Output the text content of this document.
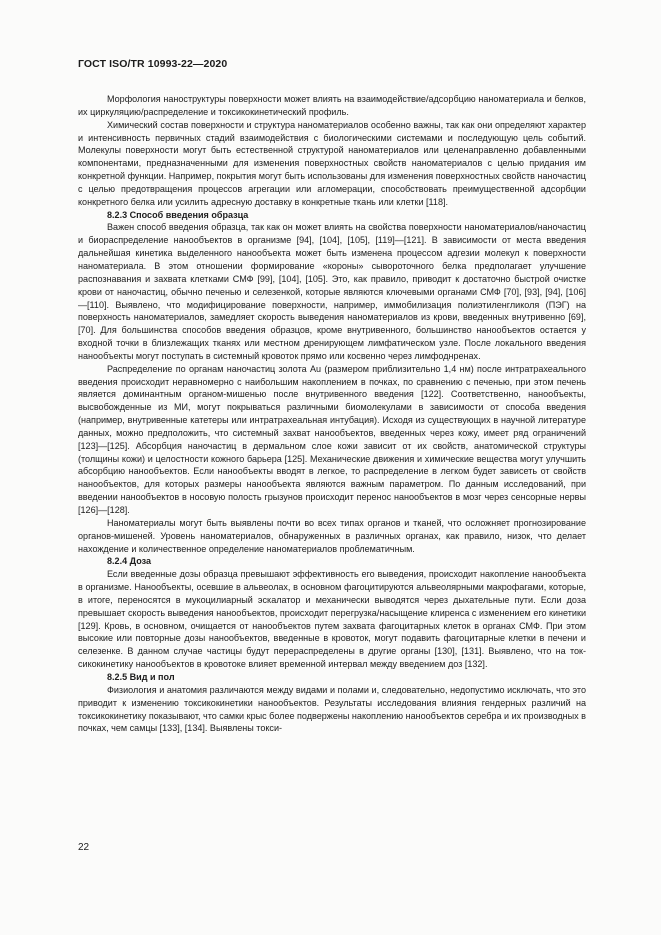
ГОСТ ISO/TR 10993-22—2020

Морфология наноструктуры поверхности может влиять на взаимодействие/адсорбцию наноматериала и белков, их циркуляцию/распределение и токсикокинетический профиль.

Химический состав поверхности и структура наноматериалов особенно важны, так как они определяют характер и интенсивность первичных стадий взаимодействия с биологическими системами и последующую цель событий. Молекулы поверхности могут быть естественной структурой наноматериалов или целенаправленно добавленными компонентами, предназначенными для изменения поверхностных свойств наноматериалов с целью придания им конкретной функции. Например, покрытия могут быть использованы для изменения поверхностных свойств наночастиц с целью предотвращения процессов агрегации или агломерации, способствовать преимущественной адсорбции конкретного белка или усилить адресную доставку в конкретные ткань или клетки [118].

8.2.3 Способ введения образца

Важен способ введения образца, так как он может влиять на свойства поверхности наноматериалов/наночастиц и биораспределение нанообъектов в организме [94], [104], [105], [119]—[121]. В зависимости от места введения дальнейшая кинетика выделенного нанообъекта может быть изменена процессом адгезии молекул к поверхности наноматериала. В этом отношении формирование «короны» сывороточного белка предполагает улучшение распознавания и захвата клетками СМФ [99], [104], [105]. Это, как правило, приводит к достаточно быстрой очистке крови от наночастиц, обычно печенью и селезенкой, которые являются ключевыми органами СМФ [70], [93], [94], [106]—[110]. Выявлено, что модифицирование поверхности, например, иммобилизация полиэтиленгликоля (ПЭГ) на поверхность наноматериалов, замедляет скорость выведения наноматериалов из крови, введенных внутривенно [69], [70]. Для большинства способов введения образцов, кроме внутривенного, большинство нанообъектов остается у входной точки в близлежащих тканях или местном дренирующем лимфатическом узле. После локального введения нанообъекты могут поступать в системный кровоток прямо или косвенно через лимфоднренах.

Распределение по органам наночастиц золота Au (размером приблизительно 1,4 нм) после интратрахеального введения происходит неравномерно с наибольшим накоплением в почках, по сравнению с печенью, при этом печень является доминантным органом-мишенью после внутривенного введения [122]. Соответственно, нанообъекты, высвобожденные из МИ, могут покрываться различными биомолекулами в зависимости от способа введения (например, внутривенные катетеры или интратрахеальная интубация). Исходя из существующих в научной литературе данных, можно предположить, что системный захват нанообъектов, введенных через кожу, имеет ряд ограничений [123]—[125]. Абсорбция наночастиц в дермальном слое кожи зависит от их свойств, анатомической структуры (толщины кожи) и целостности кожного барьера [125]. Механические движения и химические вещества могут улучшить абсорбцию нанообъектов. Если нанообъекты вводят в легкое, то распределение в легком будет зависеть от свойств нанообъектов, для которых размеры нанообъекта являются важным параметром. По данным исследований, при введении нанообъектов в носовую полость грызунов происходит перенос нанообъектов в мозг через сенсорные нервы [126]—[128].

Наноматериалы могут быть выявлены почти во всех типах органов и тканей, что осложняет прогнозирование органов-мишеней. Уровень наноматериалов, обнаруженных в различных органах, как правило, низок, что делает нахождение и количественное определение наноматериалов проблематичным.

8.2.4 Доза

Если введенные дозы образца превышают эффективность его выведения, происходит накопление нанообъекта в организме. Нанообъекты, осевшие в альвеолах, в основном фагоцитируются альвеолярными макрофагами, которые, в итоге, переносятся в мукоцилиарный эскалатор и механически выводятся через дыхательные пути. Если доза превышает скорость выведения нанообъектов, происходит перегрузка/насыщение клиренса с изменением его кинетики [129]. Кровь, в основном, очищается от нанообъектов путем захвата фагоцитарных клеток в органах СМФ. При этом высокие или повторные дозы нанообъектов, введенные в кровоток, могут подавить фагоцитарные клетки в печени и селезенке. В данном случае частицы будут перераспределены в другие органы [130], [131]. Выявлено, что на токсикокинетику нанообъектов в кровотоке влияет временной интервал между введением доз [132].

8.2.5 Вид и пол

Физиология и анатомия различаются между видами и полами и, следовательно, недопустимо исключать, что это приводит к изменению токсикокинетики нанообъектов. Результаты исследования влияния гендерных различий на токсикокинетику показывают, что самки крыс более подвержены накоплению нанообъектов серебра и их производных в почках, чем самцы [133], [134]. Выявлены токси-

22
